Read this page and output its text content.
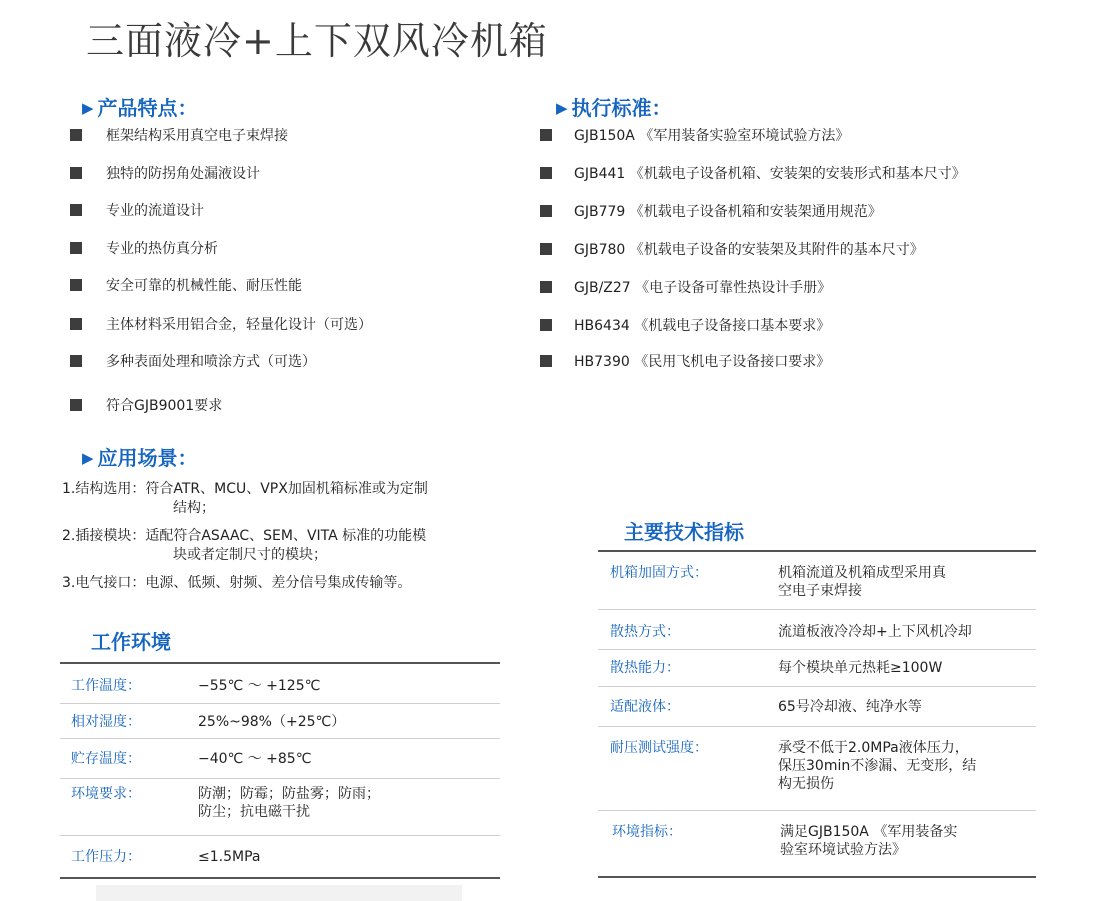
三面液冷+上下双风冷机箱
▶ 产品特点：
框架结构采用真空电子束焊接
独特的防拐角处漏液设计
专业的流道设计
专业的热仿真分析
安全可靠的机械性能、耐压性能
主体材料采用铝合金，轻量化设计（可选）
多种表面处理和喷涂方式（可选）
符合GJB9001要求
▶ 执行标准：
GJB150A 《军用装备实验室环境试验方法》
GJB441 《机载电子设备机箱、安装架的安装形式和基本尺寸》
GJB779 《机载电子设备机箱和安装架通用规范》
GJB780 《机载电子设备的安装架及其附件的基本尺寸》
GJB/Z27 《电子设备可靠性热设计手册》
HB6434 《机载电子设备接口基本要求》
HB7390 《民用飞机电子设备接口要求》
▶ 应用场景：
1.结构选用：符合ATR、MCU、VPX加固机箱标准或为定制
结构；
2.插接模块：适配符合ASAAC、SEM、VITA 标准的功能模
块或者定制尺寸的模块；
3.电气接口：电源、低频、射频、差分信号集成传输等。
工作环境
工作温度：	−55℃ ～ +125℃
相对湿度：	25%~98%（+25℃）
贮存温度：	−40℃ ～ +85℃
环境要求：	防潮；防霉；防盐雾；防雨；
防尘；抗电磁干扰
工作压力：	≤1.5MPa
主要技术指标
机箱加固方式：	机箱流道及机箱成型采用真
空电子束焊接
散热方式：	流道板液冷冷却+上下风机冷却
散热能力：	每个模块单元热耗≥100W
适配液体：	65号冷却液、纯净水等
耐压测试强度：	承受不低于2.0MPa液体压力，
保压30min不渗漏、无变形，结
构无损伤
环境指标：	满足GJB150A 《军用装备实
验室环境试验方法》
